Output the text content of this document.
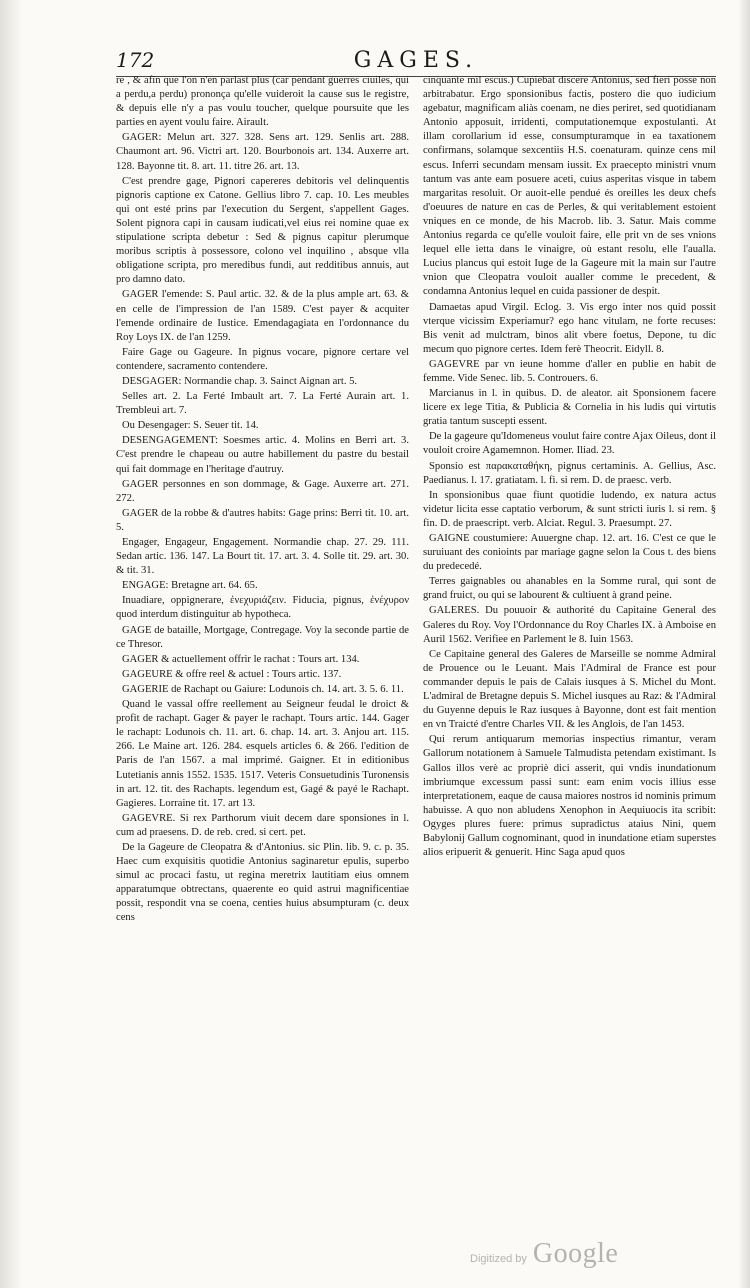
172	GAGES.

re , & afin que l'on n'en parlast plus (car pendant guerres ciuiles, qui a perdu,a perdu) prononça qu'elle vuideroit la cause sus le registre, & depuis elle n'y a pas voulu toucher, quelque poursuite que les parties en ayent voulu faire. Airault.

GAGER: Melun art. 327. 328. Sens art. 129. Senlis art. 288. Chaumont art. 96. Victri art. 120. Bourbonois art. 134. Auxerre art. 128. Bayonne tit. 8. art. 11. titre 26. art. 13.

C'est prendre gage, Pignori capereres debitoris vel delinquentis pignoris captione ex Catone. Gellius libro 7. cap. 10. Les meubles qui ont esté prins par l'execution du Sergent, s'appellent Gages. Solent pignora capi in causam iudicati,vel eius rei nomine quae ex stipulatione scripta debetur : Sed & pignus capitur plerumque moribus scriptis à possessore, colono vel inquilino , absque vlla obligatione scripta, pro meredibus fundi, aut redditibus annuis, aut pro damno dato.

GAGER l'emende: S. Paul artic. 32. & de la plus ample art. 63. & en celle de l'impression de l'an 1589. C'est payer & acquiter l'emende ordinaire de Iustice. Emendagagiata en l'ordonnance du Roy Loys IX. de l'an 1259.

Faire Gage ou Gageure. In pignus vocare, pignore certare vel contendere, sacramento contendere.

DESGAGER: Normandie chap. 3. Sainct Aignan art. 5.

Selles art. 2. La Ferté Imbault art. 7. La Ferté Aurain art. 1. Trembleui art. 7.

Ou Desengager: S. Seuer tit. 14.

DESENGAGEMENT: Soesmes artic. 4. Molins en Berri art. 3. C'est prendre le chapeau ou autre habillement du pastre du bestail qui fait dommage en l'heritage d'autruy.

GAGER personnes en son dommage, & Gage. Auxerre art. 271. 272.

GAGER de la robbe & d'autres habits: Gage prins: Berri tit. 10. art. 5.

Engager, Engageur, Engagement. Normandie chap. 27. 29. 111. Sedan artic. 136. 147. La Bourt tit. 17. art. 3. 4. Solle tit. 29. art. 30. & tit. 31.

ENGAGE: Bretagne art. 64. 65.

Inuadiare, oppignerare, ἐνεχυριάζειν. Fiducia, pignus, ἐνέχυρον quod interdum distinguitur ab hypotheca.

GAGE de bataille, Mortgage, Contregage. Voy la seconde partie de ce Thresor.

GAGER & actuellement offrir le rachat : Tours art. 134.

GAGEURE & offre reel & actuel : Tours artic. 137.

GAGERIE de Rachapt ou Gaiure: Lodunois ch. 14. art. 3. 5. 6. 11.

Quand le vassal offre reellement au Seigneur feudal le droict & profit de rachapt. Gager & payer le rachapt. Tours artic. 144. Gager le rachapt: Lodunois ch. 11. art. 6. chap. 14. art. 3. Anjou art. 115. 266. Le Maine art. 126. 284. esquels articles 6. & 266. l'edition de Paris de l'an 1567. a mal imprimé. Gaigner. Et in editionibus Lutetianis annis 1552. 1535. 1517. Veteris Consuetudinis Turonensis in art. 12. tit. des Rachapts. legendum est, Gagé & payé le Rachapt. Gagieres. Lorraine tit. 17. art 13.

GAGEVRE. Si rex Parthorum viuit decem dare sponsiones in l. cum ad praesens. D. de reb. cred. si cert. pet.

De la Gageure de Cleopatra & d'Antonius. sic Plin. lib. 9. c. p. 35. Haec cum exquisitis quotidie Antonius saginaretur epulis, superbo simul ac procaci fastu, ut regina meretrix lautitiam eius omnem apparatumque obtrectans, quaerente eo quid astrui magnificentiae possit, respondit vna se coena, centies huius absumpturam (c. deux cens

cinquante mil escus.) Cupiebat discere Antonius, sed fieri posse non arbitrabatur. Ergo sponsionibus factis, postero die quo iudicium agebatur, magnificam aliàs coenam, ne dies periret, sed quotidianam Antonio apposuit, irridenti, computationemque expostulanti. At illam corollarium id esse, consumpturamque in ea taxationem confirmans, solamque sexcentiis H.S. coenaturam. quinze cens mil escus. Inferri secundam mensam iussit. Ex praecepto ministri vnum tantum vas ante eam posuere aceti, cuius asperitas visque in tabem margaritas resoluit. Or auoit-elle pendué és oreilles les deux chefs d'oeuures de nature en cas de Perles, & qui veritablement estoient vniques en ce monde, de his Macrob. lib. 3. Satur. Mais comme Antonius regarda ce qu'elle vouloit faire, elle prit vn de ses vnions lequel elle ietta dans le vinaigre, où estant resolu, elle l'aualla. Lucius plancus qui estoit Iuge de la Gageure mit la main sur l'autre vnion que Cleopatra vouloit aualler comme le precedent, & condamna Antonius lequel en cuida passioner de despit.

Damaetas apud Virgil. Eclog. 3. Vis ergo inter nos quid possit vterque vicissim Experiamur? ego hanc vitulam, ne forte recuses: Bis venit ad mulctram, binos alit vbere foetus, Depone, tu dic mecum quo pignore certes. Idem ferè Theocrit. Eidyll. 8.

GAGEVRE par vn ieune homme d'aller en publie en habit de femme. Vide Senec. lib. 5. Controuers. 6.

Marcianus in l. in quibus. D. de aleator. ait Sponsionem facere licere ex lege Titia, & Publicia & Cornelia in his ludis qui virtutis gratia tantum suscepti essent.

De la gageure qu'Idomeneus voulut faire contre Ajax Oileus, dont il vouloit croire Agamemnon. Homer. Iliad. 23.

Sponsio est παρακαταθήκη, pignus certaminis. A. Gellius, Asc. Paedianus. l. 17. gratiatam. l. fi. si rem. D. de praesc. verb.

In sponsionibus quae fiunt quotidie ludendo, ex natura actus videtur licita esse captatio verborum, & sunt stricti iuris l. si rem. § fin. D. de praescript. verb. Alciat. Regul. 3. Praesumpt. 27.

GAIGNE coustumiere: Auuergne chap. 12. art. 16. C'est ce que le suruiuant des conioints par mariage gagne selon la Cous t. des biens du predecedé.

Terres gaignables ou ahanables en la Somme rural, qui sont de grand fruict, ou qui se labourent & cultiuent à grand peine.

GALERES. Du pouuoir & authorité du Capitaine General des Galeres du Roy. Voy l'Ordonnance du Roy Charles IX. à Amboise en Auril 1562. Verifiee en Parlement le 8. Iuin 1563.

Ce Capitaine general des Galeres de Marseille se nomme Admiral de Prouence ou le Leuant. Mais l'Admiral de France est pour commander depuis le pais de Calais iusques à S. Michel du Mont. L'admiral de Bretagne depuis S. Michel iusques au Raz: & l'Admiral du Guyenne depuis le Raz iusques à Bayonne, dont est fait mention en vn Traicté d'entre Charles VII. & les Anglois, de l'an 1453.

Qui rerum antiquarum memorias inspectius rimantur, veram Gallorum notationem à Samuele Talmudista petendam existimant. Is Gallos illos verè ac propriè dici asserit, qui vndis inundationum imbriumque excessum passi sunt: eam enim vocis illius esse interpretationem, eaque de causa maiores nostros id nominis primum habuisse. A quo non abludens Xenophon in Aequiuocis ita scribit: Ogyges plures fuere: primus supradictus ataius Nini, quem Babylonij Gallum cognominant, quod in inundatione etiam superstes alios eripuerit & genuerit. Hinc Saga apud quos

Digitized by Google
